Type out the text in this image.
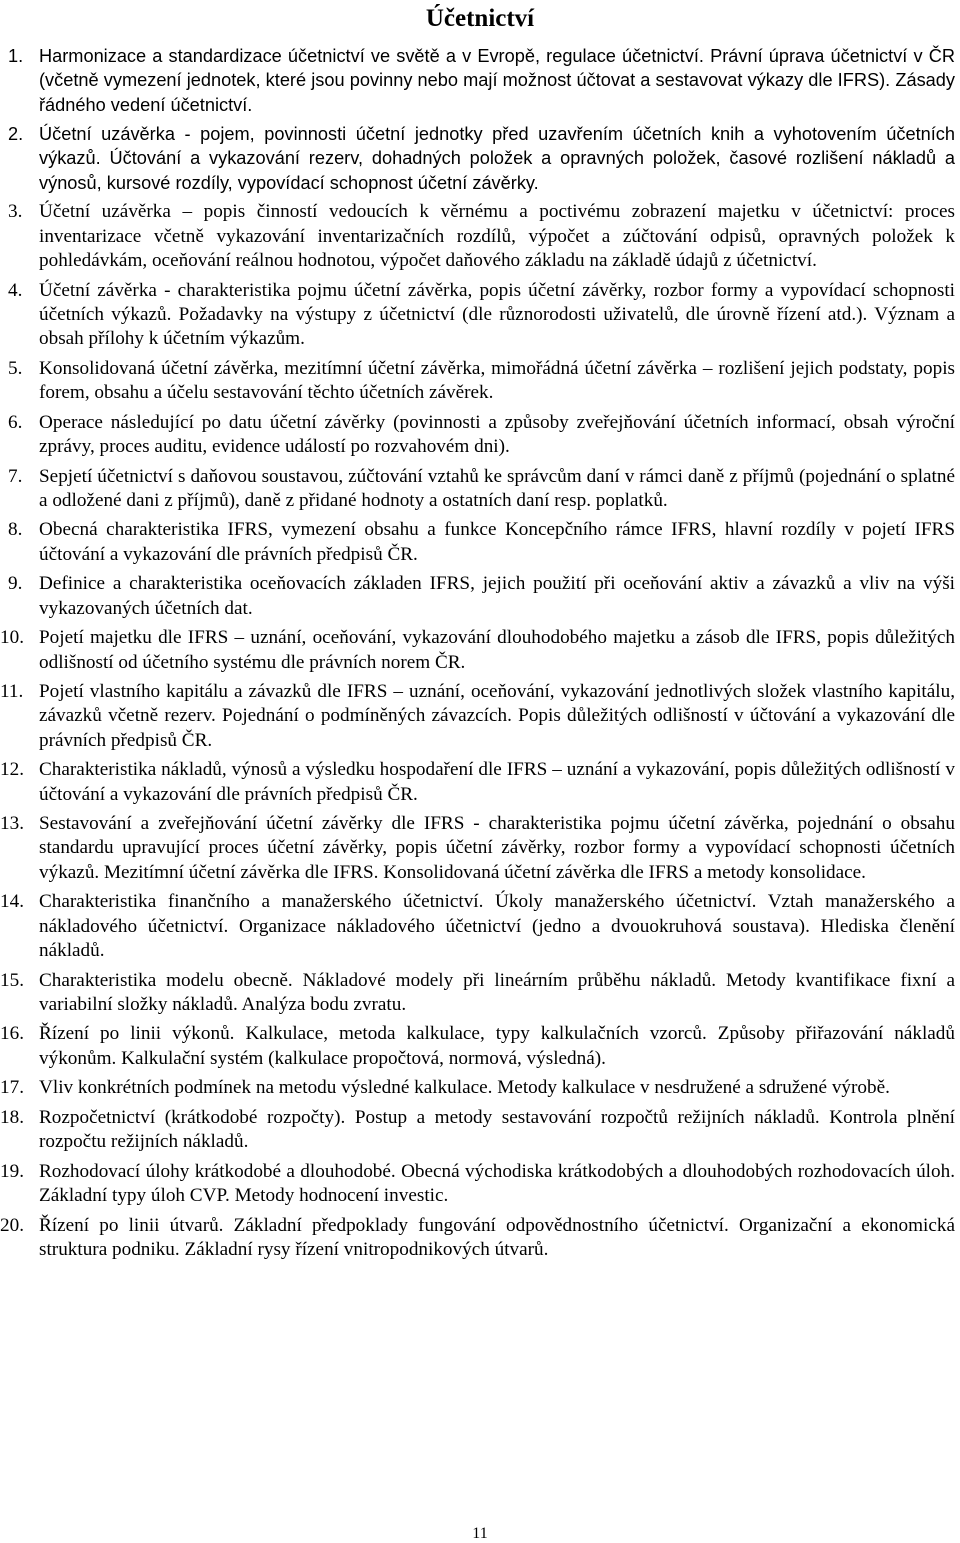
Účetnictví
1. Harmonizace a standardizace účetnictví ve světě a v Evropě, regulace účetnictví. Právní úprava účetnictví v ČR (včetně vymezení jednotek, které jsou povinny nebo mají možnost účtovat a sestavovat výkazy dle IFRS). Zásady řádného vedení účetnictví.
2. Účetní uzávěrka - pojem, povinnosti účetní jednotky před uzavřením účetních knih a vyhotovením účetních výkazů. Účtování a vykazování rezerv, dohadných položek a opravných položek, časové rozlišení nákladů a výnosů, kursové rozdíly, vypovídací schopnost účetní závěrky.
3. Účetní uzávěrka – popis činností vedoucích k věrnému a poctivému zobrazení majetku v účetnictví: proces inventarizace včetně vykazování inventarizačních rozdílů, výpočet a zúčtování odpisů, opravných položek k pohledávkám, oceňování reálnou hodnotou, výpočet daňového základu na základě údajů z účetnictví.
4. Účetní závěrka - charakteristika pojmu účetní závěrka, popis účetní závěrky, rozbor formy a vypovídací schopnosti účetních výkazů. Požadavky na výstupy z účetnictví (dle různorodosti uživatelů, dle úrovně řízení atd.). Význam a obsah přílohy k účetním výkazům.
5. Konsolidovaná účetní závěrka, mezitímní účetní závěrka, mimořádná účetní závěrka – rozlišení jejich podstaty, popis forem, obsahu a účelu sestavování těchto účetních závěrek.
6. Operace následující po datu účetní závěrky (povinnosti a způsoby zveřejňování účetních informací, obsah výroční zprávy, proces auditu, evidence událostí po rozvahovém dni).
7. Sepjetí účetnictví s daňovou soustavou, zúčtování vztahů ke správcům daní v rámci daně z příjmů (pojednání o splatné a odložené dani z příjmů), daně z přidané hodnoty a ostatních daní resp. poplatků.
8. Obecná charakteristika IFRS, vymezení obsahu a funkce Koncepčního rámce IFRS, hlavní rozdíly v pojetí IFRS účtování a vykazování dle právních předpisů ČR.
9. Definice a charakteristika oceňovacích základen IFRS, jejich použití při oceňování aktiv a závazků a vliv na výši vykazovaných účetních dat.
10. Pojetí majetku dle IFRS – uznání, oceňování, vykazování dlouhodobého majetku a zásob dle IFRS, popis důležitých odlišností od účetního systému dle právních norem ČR.
11. Pojetí vlastního kapitálu a závazků dle IFRS – uznání, oceňování, vykazování jednotlivých složek vlastního kapitálu, závazků včetně rezerv. Pojednání o podmíněných závazcích. Popis důležitých odlišností v účtování a vykazování dle právních předpisů ČR.
12. Charakteristika nákladů, výnosů a výsledku hospodaření dle IFRS – uznání a vykazování, popis důležitých odlišností v účtování a vykazování dle právních předpisů ČR.
13. Sestavování a zveřejňování účetní závěrky dle IFRS - charakteristika pojmu účetní závěrka, pojednání o obsahu standardu upravující proces účetní závěrky, popis účetní závěrky, rozbor formy a vypovídací schopnosti účetních výkazů. Mezitímní účetní závěrka dle IFRS. Konsolidovaná účetní závěrka dle IFRS a metody konsolidace.
14. Charakteristika finančního a manažerského účetnictví. Úkoly manažerského účetnictví. Vztah manažerského a nákladového účetnictví. Organizace nákladového účetnictví (jedno a dvouokruhová soustava). Hlediska členění nákladů.
15. Charakteristika modelu obecně. Nákladové modely při lineárním průběhu nákladů. Metody kvantifikace fixní a variabilní složky nákladů. Analýza bodu zvratu.
16. Řízení po linii výkonů. Kalkulace, metoda kalkulace, typy kalkulačních vzorců. Způsoby přiřazování nákladů výkonům. Kalkulační systém (kalkulace propočtová, normová, výsledná).
17. Vliv konkrétních podmínek na metodu výsledné kalkulace. Metody kalkulace v nesdružené a sdružené výrobě.
18. Rozpočetnictví (krátkodobé rozpočty). Postup a metody sestavování rozpočtů režijních nákladů. Kontrola plnění rozpočtu režijních nákladů.
19. Rozhodovací úlohy krátkodobé a dlouhodobé. Obecná východiska krátkodobých a dlouhodobých rozhodovacích úloh. Základní typy úloh CVP. Metody hodnocení investic.
20. Řízení po linii útvarů. Základní předpoklady fungování odpovědnostního účetnictví. Organizační a ekonomická struktura podniku. Základní rysy řízení vnitropodnikových útvarů.
11
